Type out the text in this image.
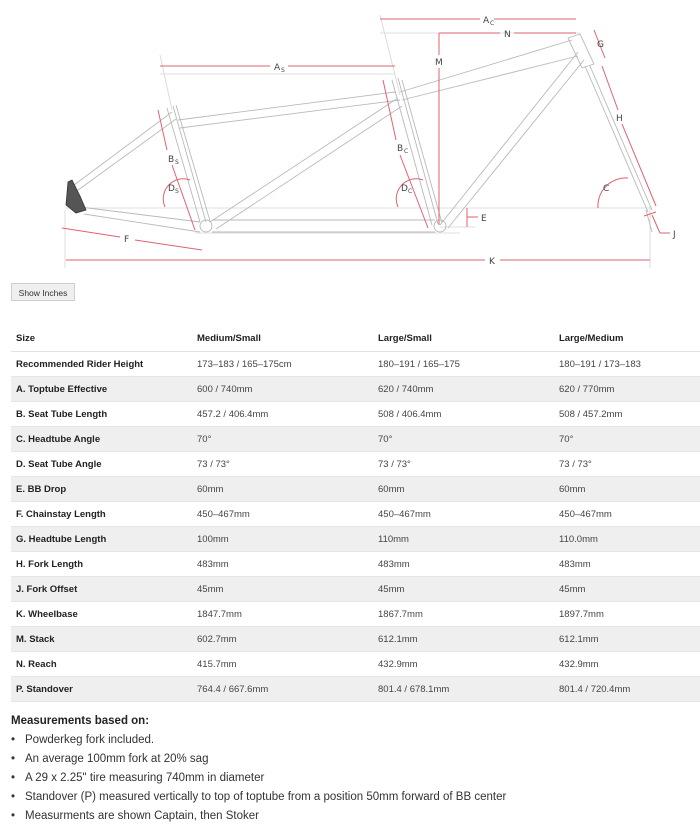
A S
A C
N
M
B S
B C
D S	D C	C
E
F
G
H
J
K
Show Inches
Size	Medium/Small	Large/Small	Large/Medium
Recommended Rider Height	173–183 / 165–175cm	180–191 / 165–175	180–191 / 173–183
A. Toptube Effective	600 / 740mm	620 / 740mm	620 / 770mm
B. Seat Tube Length	457.2 / 406.4mm	508 / 406.4mm	508 / 457.2mm
C. Headtube Angle	70°	70°	70°
D. Seat Tube Angle	73 / 73°	73 / 73°	73 / 73°
E. BB Drop	60mm	60mm	60mm
F. Chainstay Length	450–467mm	450–467mm	450–467mm
G. Headtube Length	100mm	110mm	110.0mm
H. Fork Length	483mm	483mm	483mm
J. Fork Offset	45mm	45mm	45mm
K. Wheelbase	1847.7mm	1867.7mm	1897.7mm
M. Stack	602.7mm	612.1mm	612.1mm
N. Reach	415.7mm	432.9mm	432.9mm
P. Standover	764.4 / 667.6mm	801.4 / 678.1mm	801.4 / 720.4mm
Measurements based on:
• Powderkeg fork included.
• An average 100mm fork at 20% sag
• A 29 x 2.25" tire measuring 740mm in diameter
• Standover (P) measured vertically to top of toptube from a position 50mm forward of BB center
• Measurments are shown Captain, then Stoker
